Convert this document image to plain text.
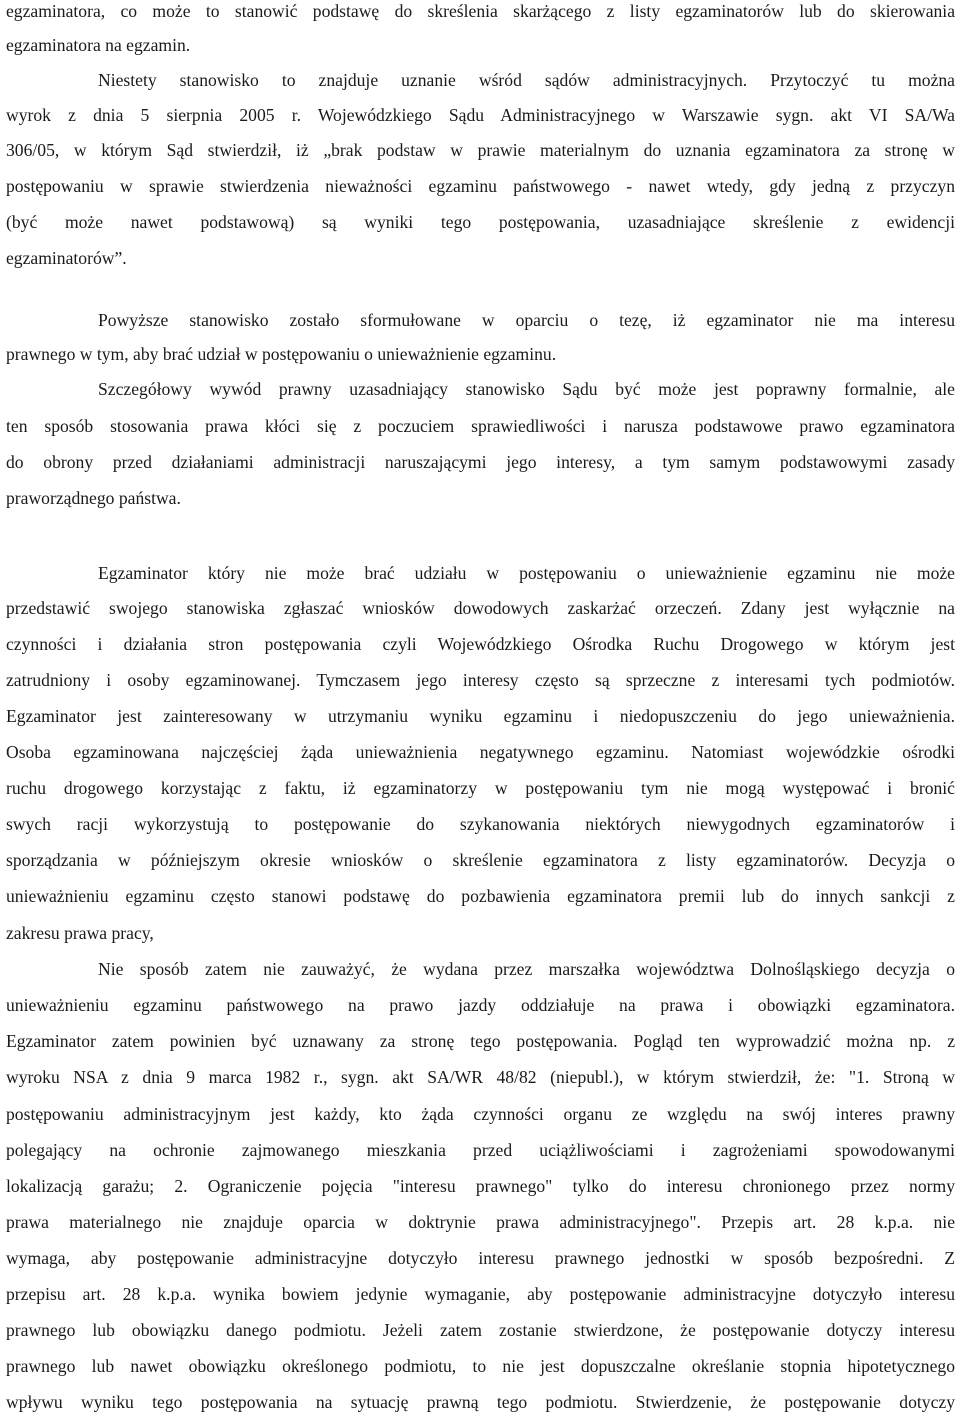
egzaminatora, co może to stanowić podstawę do skreślenia skarżącego z listy egzaminatorów lub do skierowania
egzaminatora na egzamin.
Niestety stanowisko to znajduje uznanie wśród sądów administracyjnych. Przytoczyć tu można
wyrok z dnia 5 sierpnia 2005 r. Wojewódzkiego Sądu Administracyjnego w Warszawie sygn. akt VI SA/Wa
306/05, w którym Sąd stwierdził, iż „brak podstaw w prawie materialnym do uznania egzaminatora za stronę w
postępowaniu w sprawie stwierdzenia nieważności egzaminu państwowego - nawet wtedy, gdy jedną z przyczyn
(być może nawet podstawową) są wyniki tego postępowania, uzasadniające skreślenie z ewidencji
egzaminatorów”.
Powyższe stanowisko zostało sformułowane w oparciu o tezę, iż egzaminator nie ma interesu
prawnego w tym, aby brać udział w postępowaniu o unieważnienie egzaminu.
Szczegółowy wywód prawny uzasadniający stanowisko Sądu być może jest poprawny formalnie, ale
ten sposób stosowania prawa kłóci się z poczuciem sprawiedliwości i narusza podstawowe prawo egzaminatora
do obrony przed działaniami administracji naruszającymi jego interesy, a tym samym podstawowymi zasady
praworządnego państwa.
Egzaminator który nie może brać udziału w postępowaniu o unieważnienie egzaminu nie może
przedstawić swojego stanowiska zgłaszać wniosków dowodowych zaskarżać orzeczeń. Zdany jest wyłącznie na
czynności i działania stron postępowania czyli Wojewódzkiego Ośrodka Ruchu Drogowego w którym jest
zatrudniony i osoby egzaminowanej. Tymczasem jego interesy często są sprzeczne z interesami tych podmiotów.
Egzaminator jest zainteresowany w utrzymaniu wyniku egzaminu i niedopuszczeniu do jego unieważnienia.
Osoba egzaminowana najczęściej żąda unieważnienia negatywnego egzaminu. Natomiast wojewódzkie ośrodki
ruchu drogowego korzystając z faktu, iż egzaminatorzy w postępowaniu tym nie mogą występować i bronić
swych racji wykorzystują to postępowanie do szykanowania niektórych niewygodnych egzaminatorów i
sporządzania w późniejszym okresie wniosków o skreślenie egzaminatora z listy egzaminatorów. Decyzja o
unieważnieniu egzaminu często stanowi podstawę do pozbawienia egzaminatora premii lub do innych sankcji z
zakresu prawa pracy,
Nie sposób zatem nie zauważyć, że wydana przez marszałka województwa Dolnośląskiego decyzja o
unieważnieniu egzaminu państwowego na prawo jazdy oddziałuje na prawa i obowiązki egzaminatora.
Egzaminator zatem powinien być uznawany za stronę tego postępowania. Pogląd ten wyprowadzić można np. z
wyroku NSA z dnia 9 marca 1982 r., sygn. akt SA/WR 48/82 (niepubl.), w którym stwierdził, że: "1. Stroną w
postępowaniu administracyjnym jest każdy, kto żąda czynności organu ze względu na swój interes prawny
polegający na ochronie zajmowanego mieszkania przed uciążliwościami i zagrożeniami spowodowanymi
lokalizacją garażu; 2. Ograniczenie pojęcia "interesu prawnego" tylko do interesu chronionego przez normy
prawa materialnego nie znajduje oparcia w doktrynie prawa administracyjnego". Przepis art. 28 k.p.a. nie
wymaga, aby postępowanie administracyjne dotyczyło interesu prawnego jednostki w sposób bezpośredni. Z
przepisu art. 28 k.p.a. wynika bowiem jedynie wymaganie, aby postępowanie administracyjne dotyczyło interesu
prawnego lub obowiązku danego podmiotu. Jeżeli zatem zostanie stwierdzone, że postępowanie dotyczy interesu
prawnego lub nawet obowiązku określonego podmiotu, to nie jest dopuszczalne określanie stopnia hipotetycznego
wpływu wyniku tego postępowania na sytuację prawną tego podmiotu. Stwierdzenie, że postępowanie dotyczy
